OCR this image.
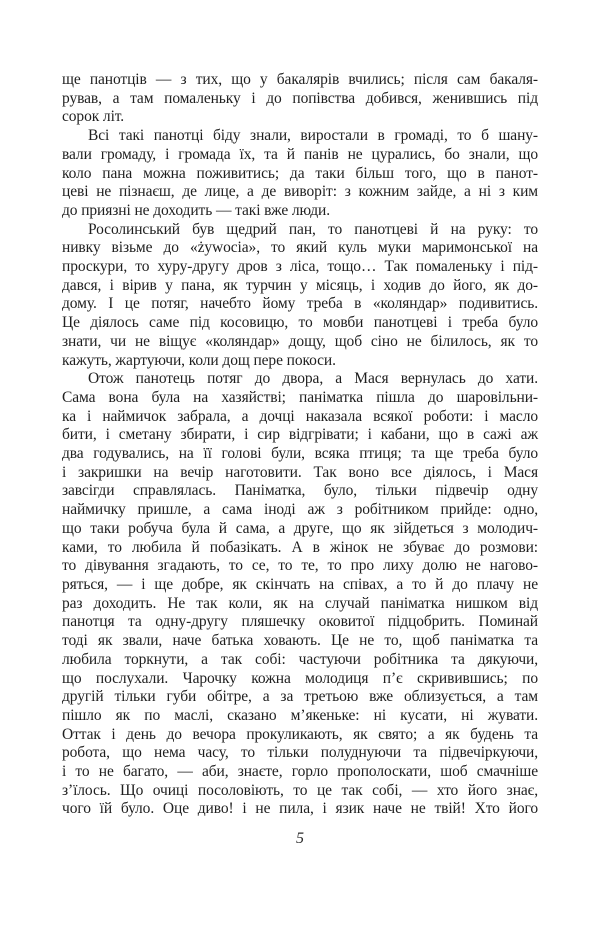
ще панотців — з тих, що у бакалярів вчились; після сам бакаля-
рував, а там помаленьку і до попівства добився, женившись під
сорок літ.
Всі такі панотці біду знали, виростали в громаді, то б шану-
вали громаду, і громада їх, та й панів не цурались, бо знали, що
коло пана можна поживитись; да таки більш того, що в панот-
цеві не пізнаєш, де лице, а де виворіт: з кожним зайде, а ні з ким
до приязні не доходить — такі вже люди.
Росолинський був щедрий пан, то панотцеві й на руку: то
нивку візьме до «żywocia», то який куль муки маримонської на
проскури, то хуру-другу дров з ліса, тощо… Так помаленьку і під-
дався, і вірив у пана, як турчин у місяць, і ходив до його, як до-
дому. І це потяг, начебто йому треба в «коляндар» подивитись.
Це діялось саме під косовицю, то мовби панотцеві і треба було
знати, чи не віщує «коляндар» дощу, щоб сіно не білилось, як то
кажуть, жартуючи, коли дощ пере покоси.
Отож панотець потяг до двора, а Мася вернулась до хати.
Сама вона була на хазяйстві; паніматка пішла до шаровільни-
ка і наймичок забрала, а дочці наказала всякої роботи: і масло
бити, і сметану збирати, і сир відгрівати; і кабани, що в сажі аж
два годувались, на її голові були, всяка птиця; та ще треба було
і закришки на вечір наготовити. Так воно все діялось, і Мася
завсігди справлялась. Паніматка, було, тільки підвечір одну
наймичку пришле, а сама іноді аж з робітником прийде: одно,
що таки робуча була й сама, а друге, що як зійдеться з молодич-
ками, то любила й побазікать. А в жінок не збуває до розмови:
то дівування згадають, то се, то те, то про лиху долю не нагово-
ряться, — і ще добре, як скінчать на співах, а то й до плачу не
раз доходить. Не так коли, як на случай паніматка нишком від
панотця та одну-другу пляшечку оковитої підцобрить. Поминай
тоді як звали, наче батька ховають. Це не то, щоб паніматка та
любила торкнути, а так собі: частуючи робітника та дякуючи,
що послухали. Чарочку кожна молодиця п’є скривившись; по
другій тільки губи обітре, а за третьою вже облизується, а там
пішло як по маслі, сказано м’якеньке: ні кусати, ні жувати.
Оттак і день до вечора прокуликають, як свято; а як будень та
робота, що нема часу, то тільки полуднуючи та підвечіркуючи,
і то не багато, — аби, знаєте, горло прополоскати, шоб смачніше
з’їлось. Що очиці посоловіють, то це так собі, — хто його знає,
чого їй було. Оце диво! і не пила, і язик наче не твій! Хто його
5
